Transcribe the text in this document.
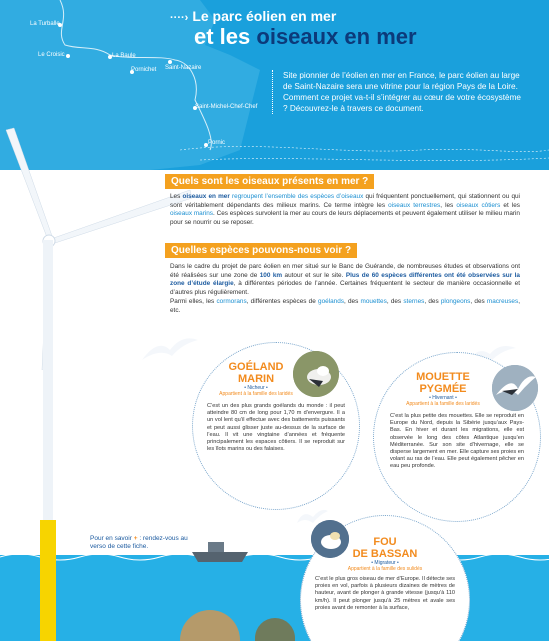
La Turballe
Le Croisic	La Baule
Pornichet Saint-Nazaire
Saint-Michel-Chef-Chef
Pornic
····› Le parc éolien en mer
et les oiseaux en mer
Site pionnier de l’éolien en mer en France, le parc éolien au large de Saint-Nazaire sera une vitrine pour la région Pays de la Loire. Comment ce projet va-t-il s’intégrer au cœur de votre écosystème ? Découvrez-le à travers ce document.
Quels sont les oiseaux présents en mer ?
Les oiseaux en mer regroupent l’ensemble des espèces d’oiseaux qui fréquentent ponctuellement, qui stationnent ou qui sont véritablement dépendants des milieux marins. Ce terme intègre les oiseaux terrestres, les oiseaux côtiers et les oiseaux marins. Ces espèces survolent la mer au cours de leurs déplacements et peuvent également utiliser le milieu marin pour se nourrir ou se reposer.
Quelles espèces pouvons-nous voir ?
Dans le cadre du projet de parc éolien en mer situé sur le Banc de Guérande, de nombreuses études et observations ont été réalisées sur une zone de 100 km autour et sur le site. Plus de 60 espèces différentes ont été observées sur la zone d’étude élargie, à différentes périodes de l’année. Certaines fréquentent le secteur de manière occasionnelle et d’autres plus régulièrement.
Parmi elles, les cormorans, différentes espèces de goélands, des mouettes, des sternes, des plongeons, des macreuses, etc.
LA
NATURE
AVANT
TOUT
Les ornithologues de Bretagne Vivante et de la LPO (Ligue de Protection des Oiseaux) réalisent des observations en mer depuis 2013. Elles sont réalisées sur un bateau à partir d’une plateforme spécialement aménagée, en suivant des lignes de navigation préalablement définies : les transects.
Pour en savoir + : rendez-vous au verso de cette fiche.
GOÉLAND
MARIN
• Nicheur •
Appartient à la famille des laridés
C’est un des plus grands goélands du monde : il peut atteindre 80 cm de long pour 1,70 m d’envergure. Il a un vol lent qu’il effectue avec des battements puissants et peut aussi glisser juste au-dessus de la surface de l’eau. Il vit une vingtaine d’années et fréquente principalement les espaces côtiers. Il se reproduit sur les îlots marins ou des falaises.
MOUETTE
PYGMÉE
• Hivernant •
Appartient à la famille des laridés
C’est la plus petite des mouettes. Elle se reproduit en Europe du Nord, depuis la Sibérie jusqu’aux Pays-Bas. En hiver et durant les migrations, elle est observée le long des côtes Atlantique jusqu’en Méditerranée. Sur son site d’hivernage, elle se disperse largement en mer. Elle capture ses proies en volant au ras de l’eau. Elle peut également pêcher en eau peu profonde.
FOU
DE BASSAN
• Migrateur •
Appartient à la famille des sulidés
C’est le plus gros oiseau de mer d’Europe. Il détecte ses proies en vol, parfois à plusieurs dizaines de mètres de hauteur, avant de plonger à grande vitesse (jusqu’à 110 km/h). Il peut plonger jusqu’à 25 mètres et avale ses proies avant de remonter à la surface,
